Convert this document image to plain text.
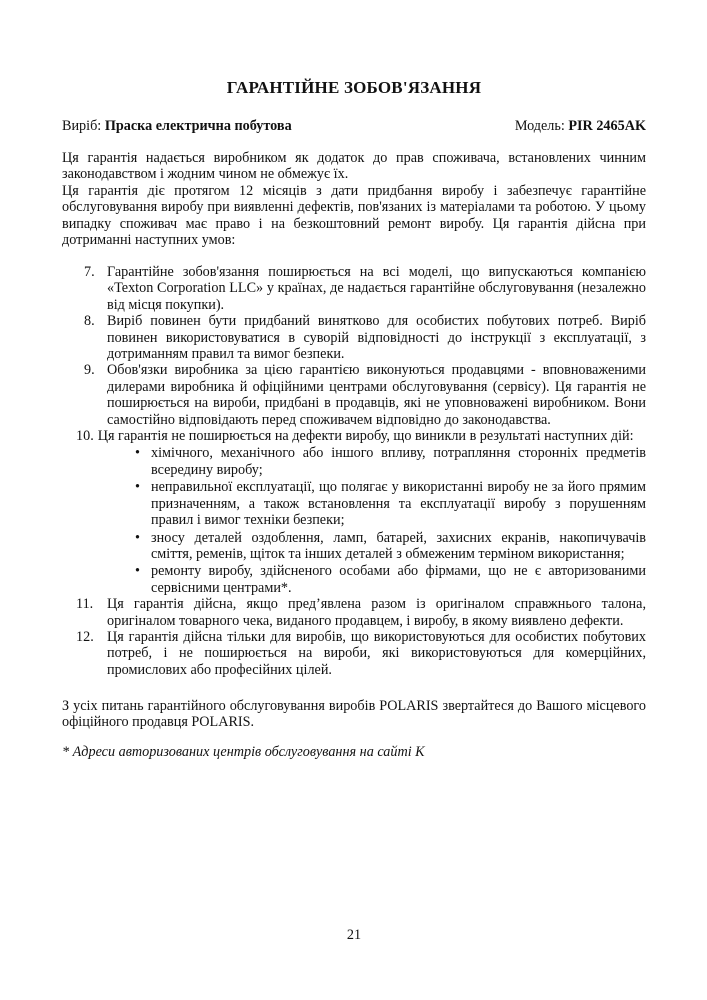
ГАРАНТІЙНЕ ЗОБОВ'ЯЗАННЯ
Виріб: Праска електрична побутова	Модель: PIR 2465AK

Ця гарантія надається виробником як додаток до прав споживача, встановлених чинним законодавством і жодним чином не обмежує їх.

Ця гарантія діє протягом 12 місяців з дати придбання виробу і забезпечує гарантійне обслуговування виробу при виявленні дефектів, пов'язаних із матеріалами та роботою. У цьому випадку споживач має право і на безкоштовний ремонт виробу. Ця гарантія дійсна при дотриманні наступних умов:

7. Гарантійне зобов'язання поширюється на всі моделі, що випускаються компанією «Texton Corporation LLC» у країнах, де надається гарантійне обслуговування (незалежно від місця покупки).
8. Виріб повинен бути придбаний винятково для особистих побутових потреб. Виріб повинен використовуватися в суворій відповідності до інструкції з експлуатації, з дотриманням правил та вимог безпеки.
9. Обов'язки виробника за цією гарантією виконуються продавцями - вповноваженими дилерами виробника й офіційними центрами обслуговування (сервісу). Ця гарантія не поширюється на вироби, придбані в продавців, які не уповноважені виробником. Вони самостійно відповідають перед споживачем відповідно до законодавства.
10. Ця гарантія не поширюється на дефекти виробу, що виникли в результаті наступних дій:
• хімічного, механічного або іншого впливу, потрапляння сторонніх предметів всередину виробу;
• неправильної експлуатації, що полягає у використанні виробу не за його прямим призначенням, а також встановлення та експлуатації виробу з порушенням правил і вимог техніки безпеки;
• зносу деталей оздоблення, ламп, батарей, захисних екранів, накопичувачів сміття, ременів, щіток та інших деталей з обмеженим терміном використання;
• ремонту виробу, здійсненого особами або фірмами, що не є авторизованими сервісними центрами*.
11. Ця гарантія дійсна, якщо пред’явлена разом із оригіналом справжнього талона, оригіналом товарного чека, виданого продавцем, і виробу, в якому виявлено дефекти.
12. Ця гарантія дійсна тільки для виробів, що використовуються для особистих побутових потреб, і не поширюється на вироби, які використовуються для комерційних, промислових або професійних цілей.

З усіх питань гарантійного обслуговування виробів POLARIS звертайтеся до Вашого місцевого офіційного продавця POLARIS.

* Адреси авторизованих центрів обслуговування на сайті К

21
